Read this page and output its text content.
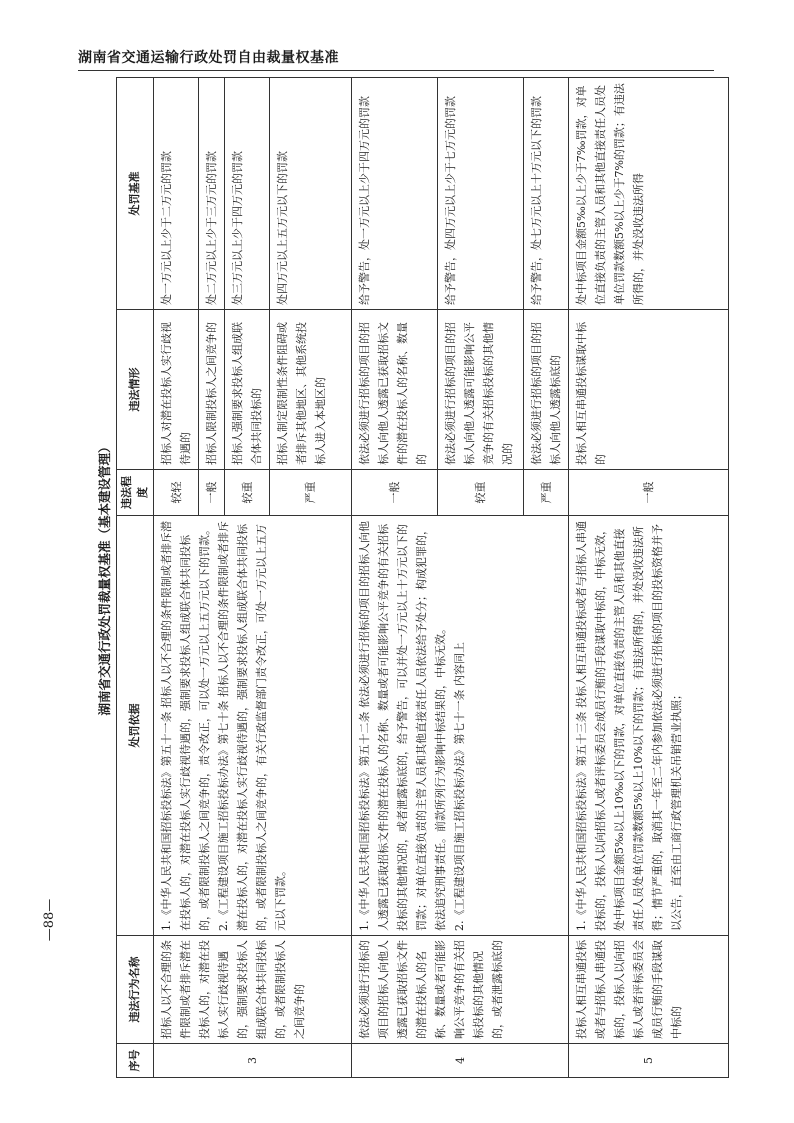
湖南省交通运输行政处罚自由裁量权基准
—88—
湖南省交通行政处罚裁量权基准（基本建设管理）
序号	违法行为名称	处罚依据	违法程度	违法情形	处罚基准
3	招标人以不合理的条件限制或者排斥潜在投标人的，对潜在投标人实行歧视待遇的，强制要求投标人组成联合体共同投标的，或者限制投标人之间竞争的	1.《中华人民共和国招标投标法》第五十一条 招标人以不合理的条件限制或者排斥潜在投标人的，对潜在投标人实行歧视待遇的，强制要求投标人组成联合体共同投标的，或者限制投标人之间竞争的，责令改正，可以处一万元以上五万元以下的罚款。 2.《工程建设项目施工招标投标办法》第七十条 招标人以不合理的条件限制或者排斥潜在投标人的，对潜在投标人实行歧视待遇的，强制要求投标人组成联合体共同投标的，或者限制投标人之间竞争的，有关行政监督部门责令改正，可处一万元以上五万元以下罚款。	较轻	招标人对潜在投标人实行歧视待遇的	处一万元以上少于二万元的罚款
			一般	招标人限制投标人之间竞争的	处二万元以上少于三万元的罚款
			较重	招标人强制要求投标人组成联合体共同投标的	处三万元以上少于四万元的罚款
			严重	招标人制定限制性条件阻碍或者排斥其他地区、其他系统投标人进入本地区的	处四万元以上五万元以下的罚款
4	依法必须进行招标的项目的招标人向他人透露已获取招标文件的潜在投标人的名称、数量或者可能影响公平竞争的有关招标投标的其他情况的，或者泄露标底的	1.《中华人民共和国招标投标法》第五十二条 依法必须进行招标的项目的招标人向他人透露已获取招标文件的潜在投标人的名称、数量或者可能影响公平竞争的有关招标投标的其他情况的，或者泄露标底的，给予警告，可以并处一万元以上十万元以下的罚款；对单位直接负责的主管人员和其他直接责任人员依法给予处分；构成犯罪的，依法追究刑事责任。前款所列行为影响中标结果的，中标无效。 2.《工程建设项目施工招标投标办法》第七十一条 内容同上	一般	依法必须进行招标的项目的招标人向他人透露已获取招标文件的潜在投标人的名称、数量的	给予警告，处一万元以上少于四万元的罚款
			较重	依法必须进行招标的项目的招标人向他人透露可能影响公平竞争的有关招标投标的其他情况的	给予警告，处四万元以上少于七万元的罚款
			严重	依法必须进行招标的项目的招标人向他人透露标底的	给予警告，处七万元以上十万元以下的罚款
5	投标人相互串通投标或者与招标人串通投标的，投标人以向招标人或者评标委员会成员行贿的手段谋取中标的	1.《中华人民共和国招标投标法》第五十三条 投标人相互串通投标或者与招标人串通投标的，投标人以向招标人或者评标委员会成员行贿的手段谋取中标的，中标无效，处中标项目金额5‰以上10‰以下的罚款，对单位直接负责的主管人员和其他直接责任人员处单位罚款数额5%以上10%以下的罚款；有违法所得的，并处没收违法所得；情节严重的，取消其一年至二年内参加依法必须进行招标的项目的投标资格并予以公告，直至由工商行政管理机关吊销营业执照；	一般	投标人相互串通投标谋取中标的	处中标项目金额5‰以上少于7‰罚款，对单位直接负责的主管人员和其他直接责任人员处单位罚款数额5%以上少于7%的罚款；有违法所得的，并处没收违法所得
